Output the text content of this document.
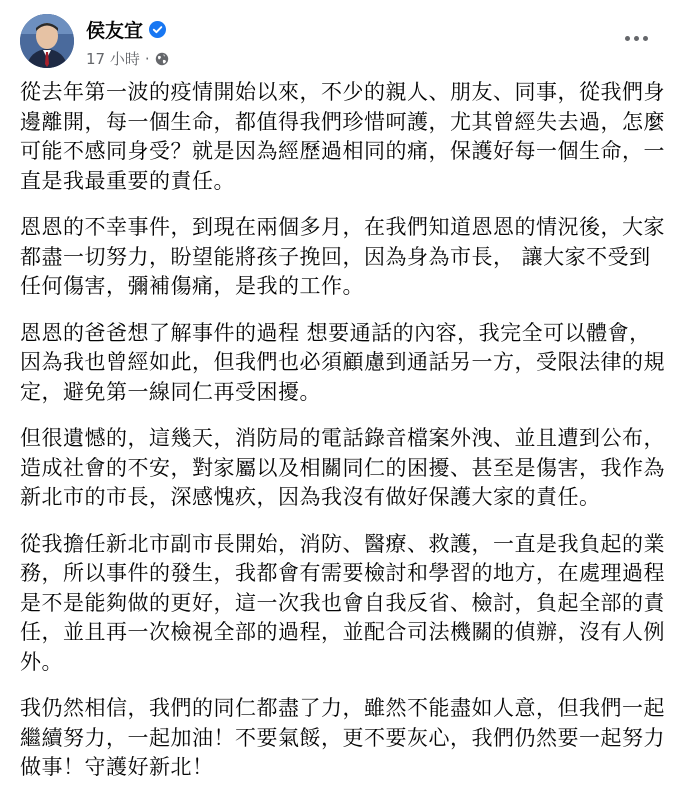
侯友宜
17 小時 ·

從去年第一波的疫情開始以來，不少的親人、朋友、同事，從我們身邊離開，每一個生命，都值得我們珍惜呵護，尤其曾經失去過，怎麼可能不感同身受？就是因為經歷過相同的痛，保護好每一個生命，一直是我最重要的責任。

恩恩的不幸事件，到現在兩個多月，在我們知道恩恩的情況後，大家都盡一切努力，盼望能將孩子挽回，因為身為市長， 讓大家不受到任何傷害，彌補傷痛，是我的工作。

恩恩的爸爸想了解事件的過程 想要通話的內容，我完全可以體會，因為我也曾經如此，但我們也必須顧慮到通話另一方，受限法律的規定，避免第一線同仁再受困擾。

但很遺憾的，這幾天，消防局的電話錄音檔案外洩、並且遭到公布，造成社會的不安，對家屬以及相關同仁的困擾、甚至是傷害，我作為新北市的市長，深感愧疚，因為我沒有做好保護大家的責任。

從我擔任新北市副市長開始，消防、醫療、救護，一直是我負起的業務，所以事件的發生，我都會有需要檢討和學習的地方，在處理過程是不是能夠做的更好，這一次我也會自我反省、檢討，負起全部的責任，並且再一次檢視全部的過程，並配合司法機關的偵辦，沒有人例外。

我仍然相信，我們的同仁都盡了力，雖然不能盡如人意，但我們一起繼續努力，一起加油！不要氣餒，更不要灰心，我們仍然要一起努力做事！守護好新北！
